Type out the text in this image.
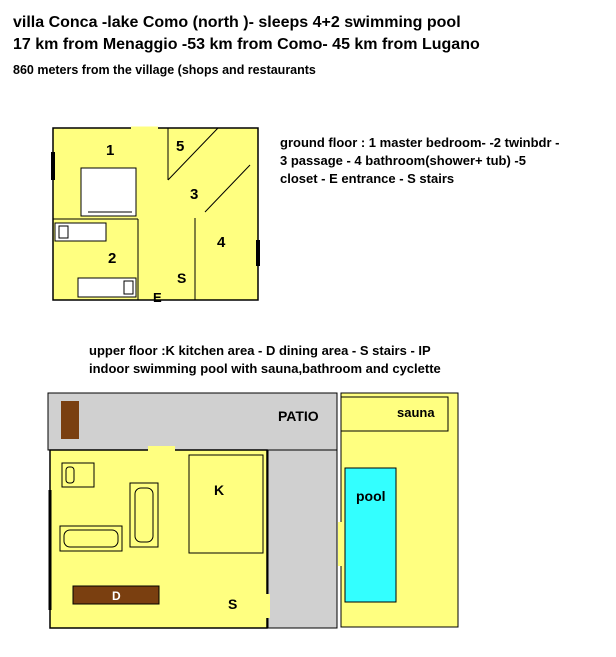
villa Conca -lake Como (north )- sleeps 4+2 swimming pool

17 km from Menaggio -53 km from Como- 45 km from Lugano

860 meters from the village (shops and restaurants

ground floor : 1 master bedroom- -2 twinbdr -
3 passage - 4 bathroom(shower+ tub) -5
closet - E entrance - S stairs
upper floor :K kitchen area - D dining area - S stairs - IP
indoor swimming pool with sauna,bathroom and cyclette
1	5
3
4
2
S
E
PATIO	sauna
pool
K
D	S
